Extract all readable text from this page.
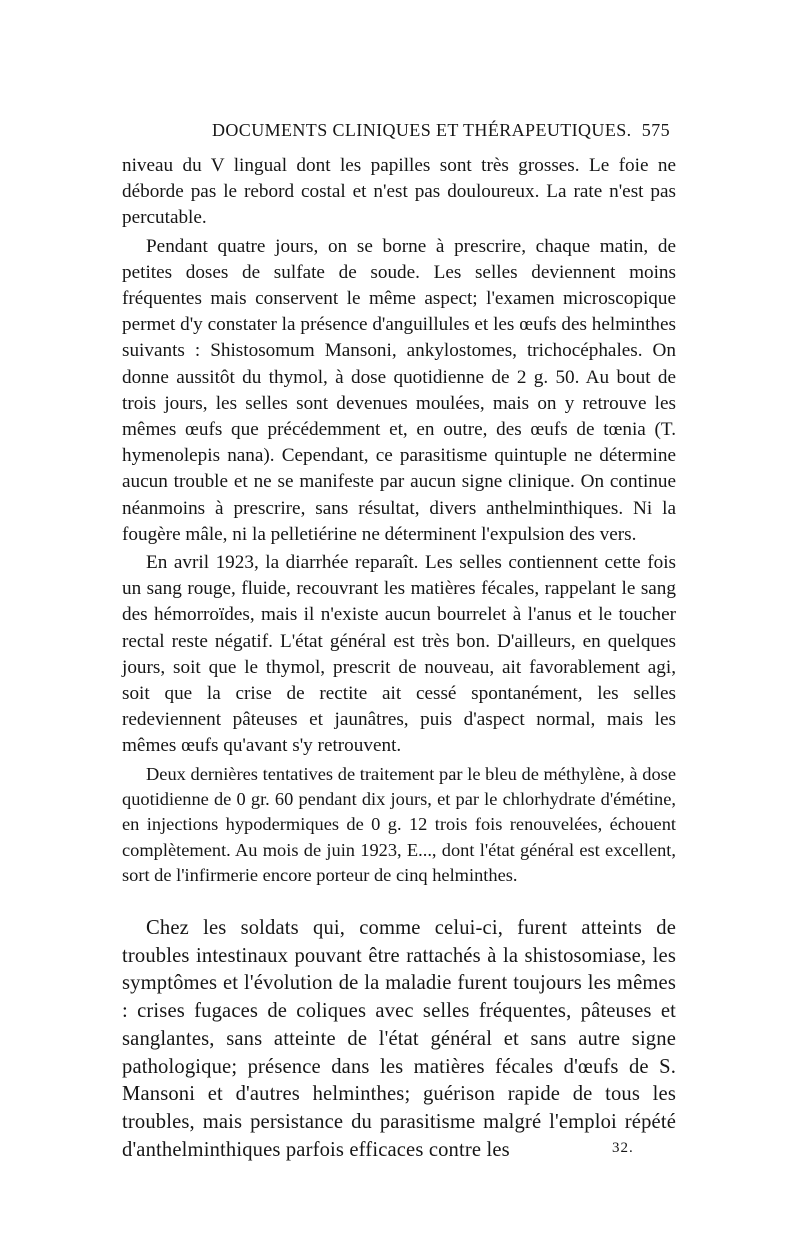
DOCUMENTS CLINIQUES ET THÉRAPEUTIQUES. 575

niveau du V lingual dont les papilles sont très grosses. Le foie ne déborde pas le rebord costal et n'est pas douloureux. La rate n'est pas percutable.

Pendant quatre jours, on se borne à prescrire, chaque matin, de petites doses de sulfate de soude. Les selles deviennent moins fréquentes mais conservent le même aspect; l'examen microscopique permet d'y constater la présence d'anguillules et les œufs des helminthes suivants : Shistosomum Mansoni, ankylostomes, trichocéphales. On donne aussitôt du thymol, à dose quotidienne de 2 g. 50. Au bout de trois jours, les selles sont devenues moulées, mais on y retrouve les mêmes œufs que précédemment et, en outre, des œufs de tœnia (T. hymenolepis nana). Cependant, ce parasitisme quintuple ne détermine aucun trouble et ne se manifeste par aucun signe clinique. On continue néanmoins à prescrire, sans résultat, divers anthelminthiques. Ni la fougère mâle, ni la pelletiérine ne déterminent l'expulsion des vers.

En avril 1923, la diarrhée reparaît. Les selles contiennent cette fois un sang rouge, fluide, recouvrant les matières fécales, rappelant le sang des hémorroïdes, mais il n'existe aucun bourrelet à l'anus et le toucher rectal reste négatif. L'état général est très bon. D'ailleurs, en quelques jours, soit que le thymol, prescrit de nouveau, ait favorablement agi, soit que la crise de rectite ait cessé spontanément, les selles redeviennent pâteuses et jaunâtres, puis d'aspect normal, mais les mêmes œufs qu'avant s'y retrouvent.

Deux dernières tentatives de traitement par le bleu de méthylène, à dose quotidienne de 0 gr. 60 pendant dix jours, et par le chlorhydrate d'émétine, en injections hypodermiques de 0 g. 12 trois fois renouvelées, échouent complètement. Au mois de juin 1923, E..., dont l'état général est excellent, sort de l'infirmerie encore porteur de cinq helminthes.

Chez les soldats qui, comme celui-ci, furent atteints de troubles intestinaux pouvant être rattachés à la shistosomiase, les symptômes et l'évolution de la maladie furent toujours les mêmes : crises fugaces de coliques avec selles fréquentes, pâteuses et sanglantes, sans atteinte de l'état général et sans autre signe pathologique; présence dans les matières fécales d'œufs de S. Mansoni et d'autres helminthes; guérison rapide de tous les troubles, mais persistance du parasitisme malgré l'emploi répété d'anthelminthiques parfois efficaces contre les	32.
